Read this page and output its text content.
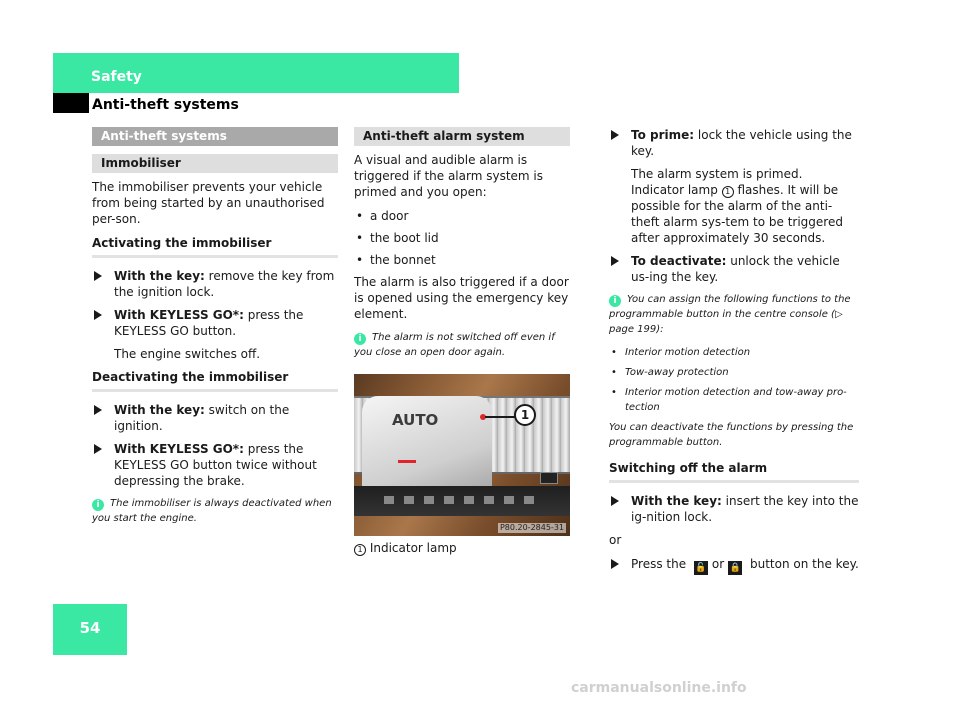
Safety
Anti-theft systems
Anti-theft systems
Immobiliser

The immobiliser prevents your vehicle from being started by an unauthorised per-son.

Activating the immobiliser
With the key: remove the key from the ignition lock.
With KEYLESS GO*: press the KEYLESS GO button.
The engine switches off.
Deactivating the immobiliser
With the key: switch on the ignition.
With KEYLESS GO*: press the KEYLESS GO button twice without depressing the brake.
i The immobiliser is always deactivated when you start the engine.
Anti-theft alarm system

A visual and audible alarm is triggered if the alarm system is primed and you open:

• a door
• the boot lid
• the bonnet

The alarm is also triggered if a door is opened using the emergency key element.

i The alarm is not switched off even if you close an open door again.
AUTO	1
P80.20-2845-31
1 Indicator lamp
To prime: lock the vehicle using the key.
The alarm system is primed. Indicator lamp 1 flashes. It will be possible for the alarm of the anti-theft alarm sys-tem to be triggered after approximately 30 seconds.
To deactivate: unlock the vehicle us-ing the key.
i You can assign the following functions to the programmable button in the centre console (▷ page 199):
• Interior motion detection
• Tow-away protection
• Interior motion detection and tow-away pro-tection
You can deactivate the functions by pressing the programmable button.
Switching off the alarm
With the key: insert the key into the ig-nition lock.

or

Press the 🔓 or 🔒 button on the key.
54
carmanualsonline.info
